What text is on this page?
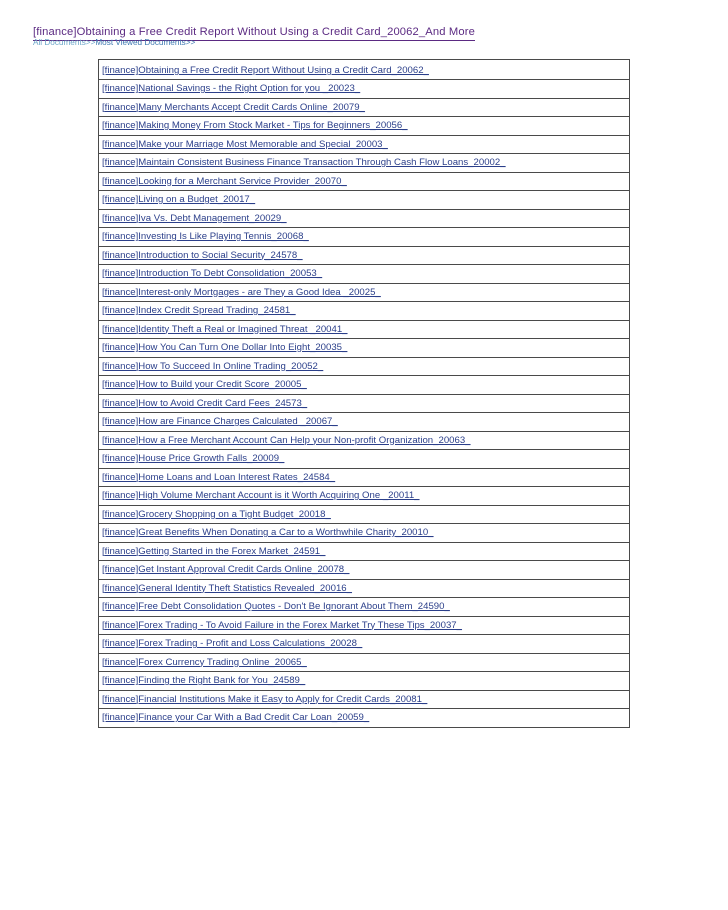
[finance]Obtaining a Free Credit Report Without Using a Credit Card_20062_And More
All Documents>>Most Viewed Documents>>
[finance]Obtaining a Free Credit Report Without Using a Credit Card_20062_
[finance]National Savings - the Right Option for you _20023_
[finance]Many Merchants Accept Credit Cards Online_20079_
[finance]Making Money From Stock Market - Tips for Beginners_20056_
[finance]Make your Marriage Most Memorable and Special_20003_
[finance]Maintain Consistent Business Finance Transaction Through Cash Flow Loans_20002_
[finance]Looking for a Merchant Service Provider_20070_
[finance]Living on a Budget_20017_
[finance]Iva Vs. Debt Management_20029_
[finance]Investing Is Like Playing Tennis_20068_
[finance]Introduction to Social Security_24578_
[finance]Introduction To Debt Consolidation_20053_
[finance]Interest-only Mortgages - are They a Good Idea _20025_
[finance]Index Credit Spread Trading_24581_
[finance]Identity Theft a Real or Imagined Threat _20041_
[finance]How You Can Turn One Dollar Into Eight_20035_
[finance]How To Succeed In Online Trading_20052_
[finance]How to Build your Credit Score_20005_
[finance]How to Avoid Credit Card Fees_24573_
[finance]How are Finance Charges Calculated _20067_
[finance]How a Free Merchant Account Can Help your Non-profit Organization_20063_
[finance]House Price Growth Falls_20009_
[finance]Home Loans and Loan Interest Rates_24584_
[finance]High Volume Merchant Account is it Worth Acquiring One _20011_
[finance]Grocery Shopping on a Tight Budget_20018_
[finance]Great Benefits When Donating a Car to a Worthwhile Charity_20010_
[finance]Getting Started in the Forex Market_24591_
[finance]Get Instant Approval Credit Cards Online_20078_
[finance]General Identity Theft Statistics Revealed_20016_
[finance]Free Debt Consolidation Quotes - Don't Be Ignorant About Them_24590_
[finance]Forex Trading - To Avoid Failure in the Forex Market Try These Tips_20037_
[finance]Forex Trading - Profit and Loss Calculations_20028_
[finance]Forex Currency Trading Online_20065_
[finance]Finding the Right Bank for You_24589_
[finance]Financial Institutions Make it Easy to Apply for Credit Cards_20081_
[finance]Finance your Car With a Bad Credit Car Loan_20059_
